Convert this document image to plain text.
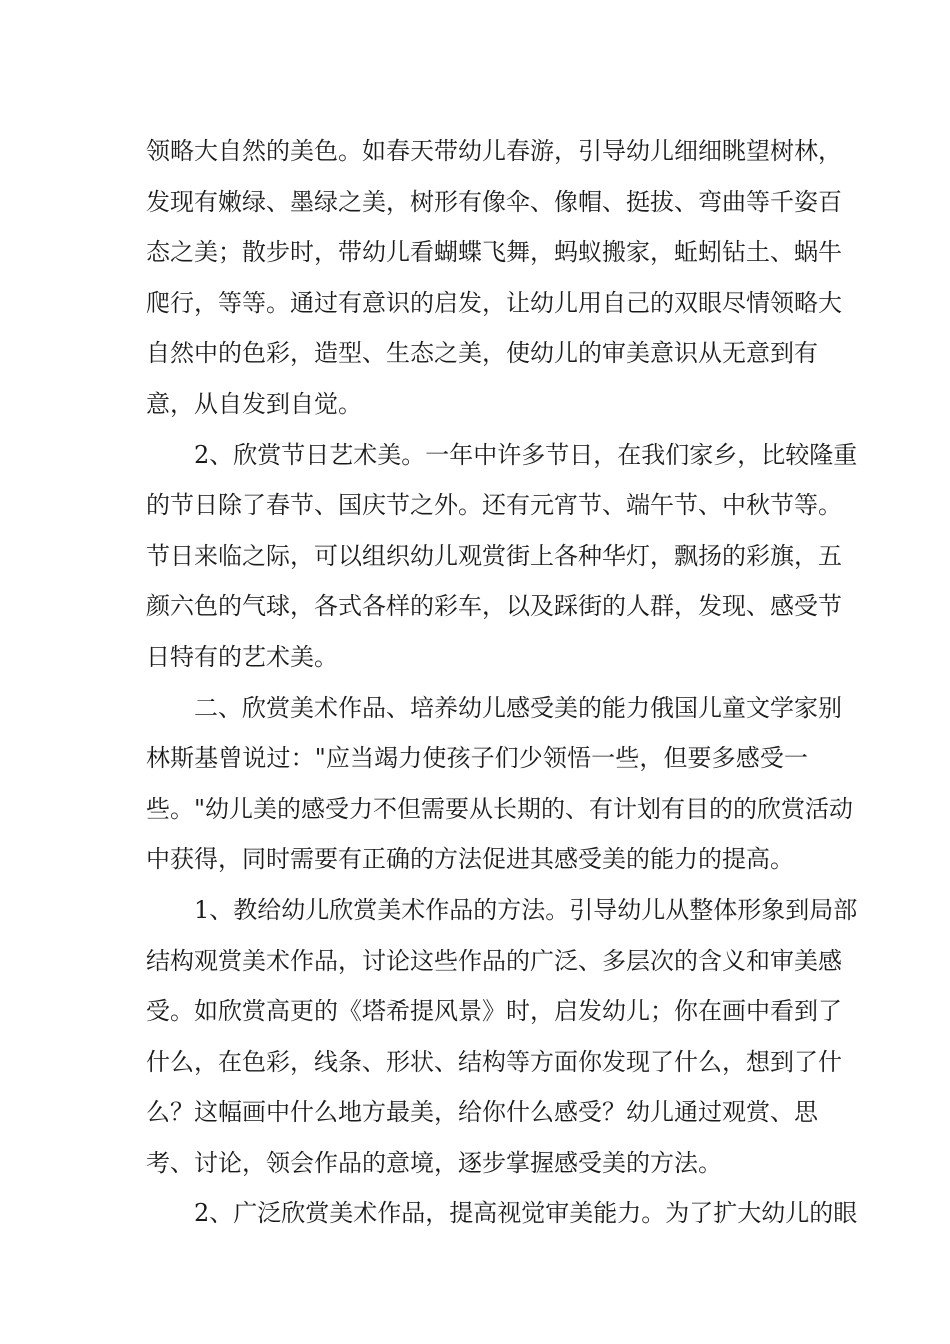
领略大自然的美色。如春天带幼儿春游，引导幼儿细细眺望树林，
发现有嫩绿、墨绿之美，树形有像伞、像帽、挺拔、弯曲等千姿百
态之美；散步时，带幼儿看蝴蝶飞舞，蚂蚁搬家，蚯蚓钻土、蜗牛
爬行，等等。通过有意识的启发，让幼儿用自己的双眼尽情领略大
自然中的色彩，造型、生态之美，使幼儿的审美意识从无意到有
意，从自发到自觉。
2、欣赏节日艺术美。一年中许多节日，在我们家乡，比较隆重
的节日除了春节、国庆节之外。还有元宵节、端午节、中秋节等。
节日来临之际，可以组织幼儿观赏街上各种华灯，飘扬的彩旗，五
颜六色的气球，各式各样的彩车，以及踩街的人群，发现、感受节
日特有的艺术美。
二、欣赏美术作品、培养幼儿感受美的能力俄国儿童文学家别
林斯基曾说过："应当竭力使孩子们少领悟一些，但要多感受一
些。"幼儿美的感受力不但需要从长期的、有计划有目的的欣赏活动
中获得，同时需要有正确的方法促进其感受美的能力的提高。
1、教给幼儿欣赏美术作品的方法。引导幼儿从整体形象到局部
结构观赏美术作品，讨论这些作品的广泛、多层次的含义和审美感
受。如欣赏高更的《塔希提风景》时，启发幼儿；你在画中看到了
什么，在色彩，线条、形状、结构等方面你发现了什么，想到了什
么？这幅画中什么地方最美，给你什么感受？幼儿通过观赏、思
考、讨论，领会作品的意境，逐步掌握感受美的方法。
2、广泛欣赏美术作品，提高视觉审美能力。为了扩大幼儿的眼
